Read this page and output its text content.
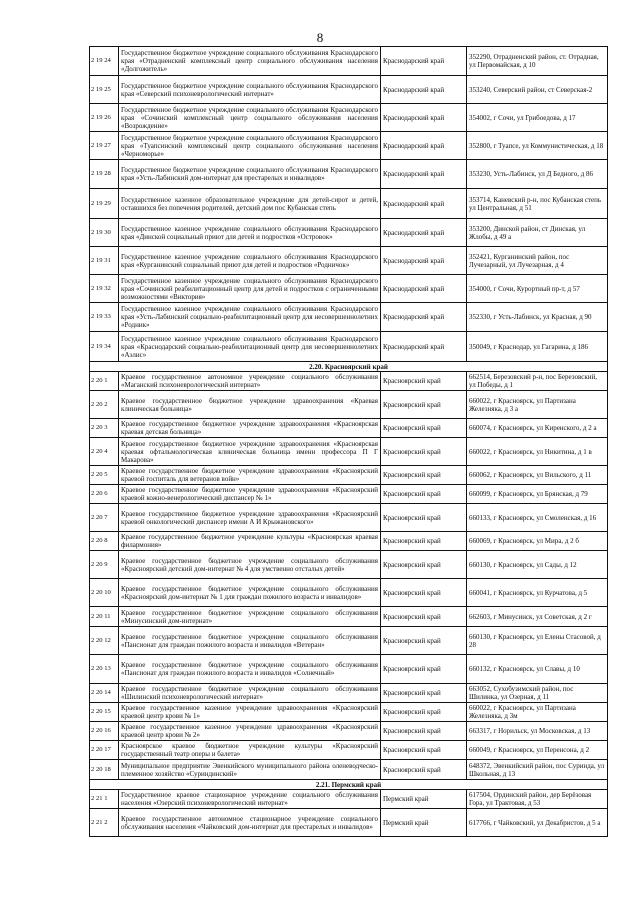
8
2 19 24	Государственное бюджетное учреждение социального обслуживания Краснодарского края «Отрадненский комплексный центр социального обслуживания населения «Долгожитель»	Краснодарский край	352290, Отрадненский район, ст. Отрадная, ул Первомайская, д 10
2 19 25	Государственное бюджетное учреждение социального обслуживания Краснодарского края «Северский психоневрологический интернат»	Краснодарский край	353240, Северский район, ст Северская-2
2 19 26	Государственное бюджетное учреждение социального обслуживания Краснодарского края «Сочинский комплексный центр социального обслуживания населения «Возрождение»	Краснодарский край	354002, г Сочи, ул Грибоедова, д 17
2 19 27	Государственное бюджетное учреждение социального обслуживания Краснодарского края «Туапсинский комплексный центр социального обслуживания населения «Черноморье»	Краснодарский край	352800, г Туапсе, ул Коммунистическая, д 18
2 19 28	Государственное бюджетное учреждение социального обслуживания Краснодарского края «Усть-Лабинский дом-интернат для престарелых и инвалидов»	Краснодарский край	353230, Усть-Лабинск, ул Д Бедного, д 86
2 19 29	Государственное казенное образовательное учреждение для детей-сирот и детей, оставшихся без попечения родителей, детский дом пос Кубанская степь	Краснодарский край	353714, Каневский р-н, пос Кубанская степь ул Центральная, д 51
2 19 30	Государственное казенное учреждение социального обслуживания Краснодарского края «Динской социальный приют для детей и подростков «Островок»	Краснодарский край	353200, Динской район, ст Динская, ул Жлобы, д 49 а
2 19 31	Государственное казенное учреждение социального обслуживания Краснодарского края «Курганинский социальный приют для детей и подростков «Родничок»	Краснодарский край	352421, Курганинский район, пос Лучезарный, ул Лучезарная, д 4
2 19 32	Государственное казенное учреждение социального обслуживания Краснодарского края «Сочинский реабилитационный центр для детей и подростков с ограниченными возможностями «Виктория»	Краснодарский край	354000, г Сочи, Курортный пр-т, д 57
2 19 33	Государственное казенное учреждение социального обслуживания Краснодарского края «Усть-Лабинский социально-реабилитационный центр для несовершеннолетних «Родник»	Краснодарский край	352330, г Усть-Лабинск, ул Красная, д 90
2 19 34	Государственное казенное учреждение социального обслуживания Краснодарского края «Краснодарский социально-реабилитационный центр для несовершеннолетних «Аэлис»	Краснодарский край	350049, г Краснодар, ул Гагарина, д 186
2.20. Красноярский край			
2 20 1	Краевое государственное автономное учреждение социального обслуживания «Маганский психоневрологический интернат»	Красноярский край	662514, Березовский р-н, пос Березовский, ул Победы, д 1
2 20 2	Краевое государственное бюджетное учреждение здравоохранения «Краевая клиническая больница»	Красноярский край	660022, г Красноярск, ул Партизана Железняка, д 3 а
2 20 3	Краевое государственное бюджетное учреждение здравоохранения «Красноярская краевая детская больница»	Красноярский край	660074, г Красноярск, ул Киренского, д 2 а
2 20 4	Краевое государственное бюджетное учреждение здравоохранения «Красноярская краевая офтальмологическая клиническая больница имени профессора П Г Макарова»	Красноярский край	660022, г Красноярск, ул Никитина, д 1 в
2 20 5	Краевое государственное бюджетное учреждение здравоохранения «Красноярский краевой госпиталь для ветеранов войн»	Красноярский край	660062, г Красноярск, ул Вильского, д 11
2 20 6	Краевое государственное бюджетное учреждение здравоохранения «Красноярский краевой кожно-венерологический диспансер № 1»	Красноярский край	660099, г Красноярск, ул Брянская, д 79
2 20 7	Краевое государственное бюджетное учреждение здравоохранения «Красноярский краевой онкологический диспансер имени А И Крыжановского»	Красноярский край	660133, г Красноярск, ул Смоленская, д 16
2 20 8	Краевое государственное бюджетное учреждение культуры «Красноярская краевая филармония»	Красноярский край	660069, г Красноярск, ул Мира, д 2 б
2 20 9	Краевое государственное бюджетное учреждение социального обслуживания «Красноярский детский дом-интернат № 4 для умственно отсталых детей»	Красноярский край	660130, г Красноярск, ул Сады, д 12
2 20 10	Краевое государственное бюджетное учреждение социального обслуживания «Красноярский дом-интернат № 1 для граждан пожилого возраста и инвалидов»	Красноярский край	660041, г Красноярск, ул Курчатова, д 5
2 20 11	Краевое государственное бюджетное учреждение социального обслуживания «Минусинский дом-интернат»	Красноярский край	662603, г Минусинск, ул Советская, д 2 г
2 20 12	Краевое государственное бюджетное учреждение социального обслуживания «Пансионат для граждан пожилого возраста и инвалидов «Ветеран»	Красноярский край	660130, г Красноярск, ул Елены Стасовой, д 28
2 20 13	Краевое государственное бюджетное учреждение социального обслуживания «Пансионат для граждан пожилого возраста и инвалидов «Солнечный»	Красноярский край	660132, г Красноярск, ул Славы, д 10
2 20 14	Краевое государственное бюджетное учреждение социального обслуживания «Шилинский психоневрологический интернат»	Красноярский край	663052, Сухобузимский район, пос Шилинка, ул Озерная, д 11
2 20 15	Краевое государственное казенное учреждение здравоохранения «Красноярский краевой центр крови № 1»	Красноярский край	660022, г Красноярск, ул Партизана Железняка, д 3м
2 20 16	Краевое государственное казенное учреждение здравоохранения «Красноярский краевой центр крови № 2»	Красноярский край	663317, г Норильск, ул Московская, д 13
2 20 17	Красноярское краевое бюджетное учреждение культуры «Красноярский государственный театр оперы и балета»	Красноярский край	660049, г Красноярск, ул Перенсона, д 2
2 20 18	Муниципальное предприятие Эвенкийского муниципального района оленеводческо-племенное хозяйство «Суриндинский»	Красноярский край	648372, Эвенкийский район, пос Суринда, ул Школьная, д 13
2.21. Пермский край			
2 21 1	Государственное краевое стационарное учреждение социального обслуживания населения «Озерский психоневрологический интернат»	Пермский край	617504, Ординский район, дер Берёзовая Гора, ул Трактовая, д 53
2 21 2	Краевое государственное автономное стационарное учреждение социального обслуживания населения «Чайковский дом-интернат для престарелых и инвалидов»	Пермский край	617766, г Чайковский, ул Декабристов, д 5 а
